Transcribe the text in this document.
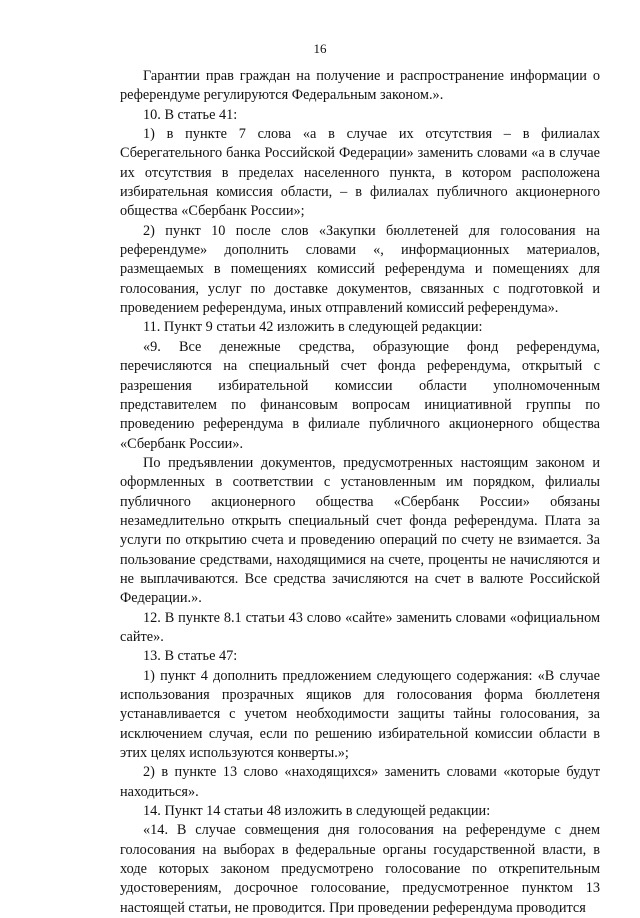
16

Гарантии прав граждан на получение и распространение информации о референдуме регулируются Федеральным законом.».

10. В статье 41:

1) в пункте 7 слова «а в случае их отсутствия – в филиалах Сберегательного банка Российской Федерации» заменить словами «а в случае их отсутствия в пределах населенного пункта, в котором расположена избирательная комиссия области, – в филиалах публичного акционерного общества «Сбербанк России»;

2) пункт 10 после слов «Закупки бюллетеней для голосования на референдуме» дополнить словами «, информационных материалов, размещаемых в помещениях комиссий референдума и помещениях для голосования, услуг по доставке документов, связанных с подготовкой и проведением референдума, иных отправлений комиссий референдума».

11. Пункт 9 статьи 42 изложить в следующей редакции:

«9. Все денежные средства, образующие фонд референдума, перечисляются на специальный счет фонда референдума, открытый с разрешения избирательной комиссии области уполномоченным представителем по финансовым вопросам инициативной группы по проведению референдума в филиале публичного акционерного общества «Сбербанк России».

По предъявлении документов, предусмотренных настоящим законом и оформленных в соответствии с установленным им порядком, филиалы публичного акционерного общества «Сбербанк России» обязаны незамедлительно открыть специальный счет фонда референдума. Плата за услуги по открытию счета и проведению операций по счету не взимается. За пользование средствами, находящимися на счете, проценты не начисляются и не выплачиваются. Все средства зачисляются на счет в валюте Российской Федерации.».

12. В пункте 8.1 статьи 43 слово «сайте» заменить словами «официальном сайте».

13. В статье 47:

1) пункт 4 дополнить предложением следующего содержания: «В случае использования прозрачных ящиков для голосования форма бюллетеня устанавливается с учетом необходимости защиты тайны голосования, за исключением случая, если по решению избирательной комиссии области в этих целях используются конверты.»;

2) в пункте 13 слово «находящихся» заменить словами «которые будут находиться».

14. Пункт 14 статьи 48 изложить в следующей редакции:

«14. В случае совмещения дня голосования на референдуме с днем голосования на выборах в федеральные органы государственной власти, в ходе которых законом предусмотрено голосование по открепительным удостоверениям, досрочное голосование, предусмотренное пунктом 13 настоящей статьи, не проводится. При проведении референдума проводится
